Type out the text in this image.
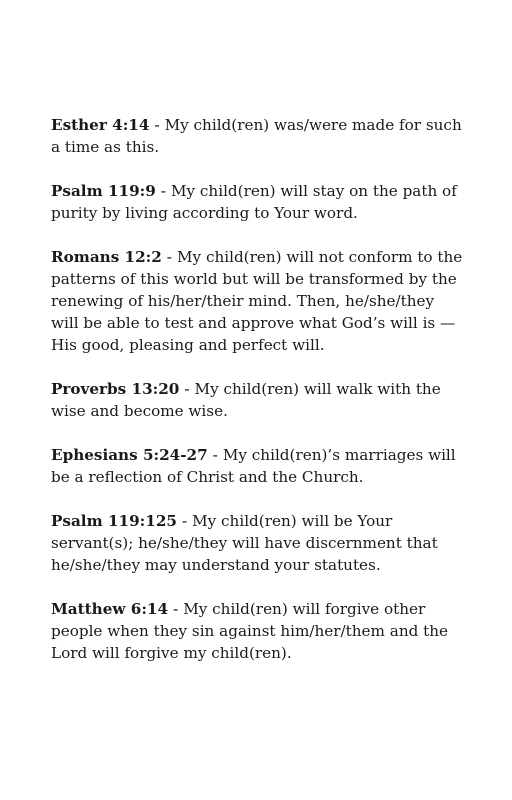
Esther 4:14 - My child(ren) was/were made for such a time as this.

Psalm 119:9 - My child(ren) will stay on the path of purity by living according to Your word.

Romans 12:2 - My child(ren) will not conform to the patterns of this world but will be transformed by the renewing of his/her/their mind. Then, he/she/they will be able to test and approve what God’s will is — His good, pleasing and perfect will.

Proverbs 13:20 - My child(ren) will walk with the wise and become wise.

Ephesians 5:24-27 - My child(ren)’s marriages will be a reflection of Christ and the Church.

Psalm 119:125 - My child(ren) will be Your servant(s); he/she/they will have discernment that he/she/they may understand your statutes.

Matthew 6:14 - My child(ren) will forgive other people when they sin against him/her/them and the Lord will forgive my child(ren).
